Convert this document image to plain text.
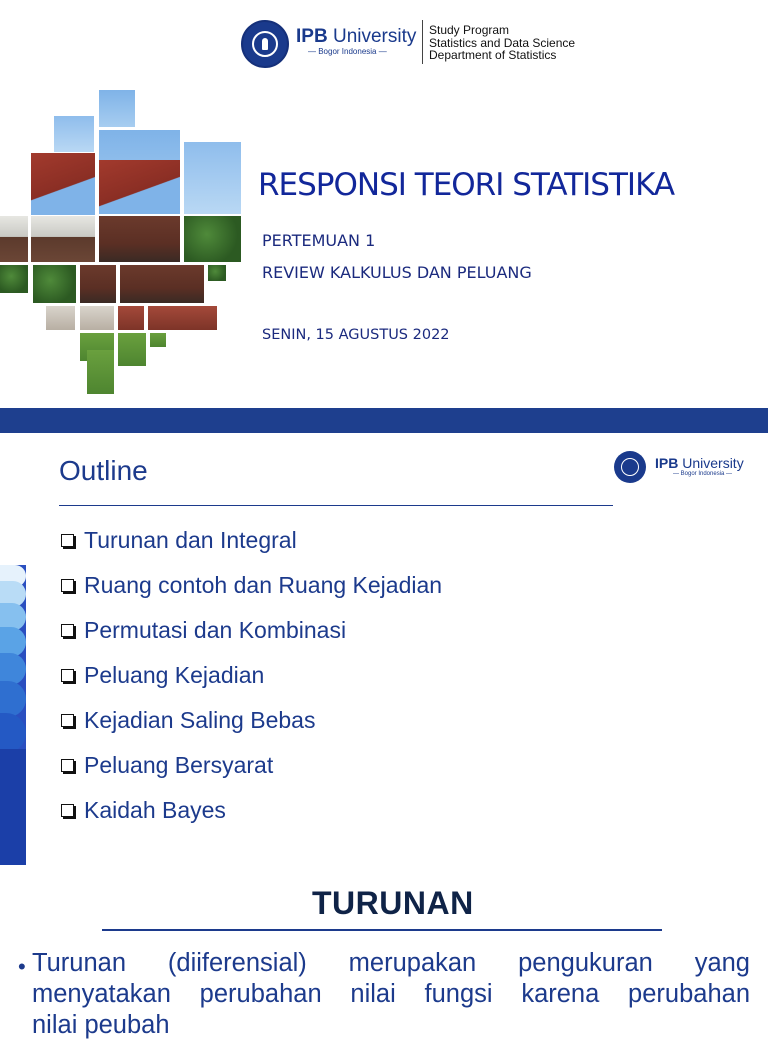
IPB University
— Bogor Indonesia —
Study Program
Statistics and Data Science
Department of Statistics
RESPONSI TEORI STATISTIKA
PERTEMUAN 1
REVIEW KALKULUS DAN PELUANG
SENIN, 15 AGUSTUS 2022
Outline	IPB University
— Bogor Indonesia —
Turunan dan Integral
Ruang contoh dan Ruang Kejadian
Permutasi dan Kombinasi
Peluang Kejadian
Kejadian Saling Bebas
Peluang Bersyarat
Kaidah Bayes
TURUNAN
• Turunan (diiferensial) merupakan pengukuran yang
menyatakan perubahan nilai fungsi karena perubahan
nilai peubah
